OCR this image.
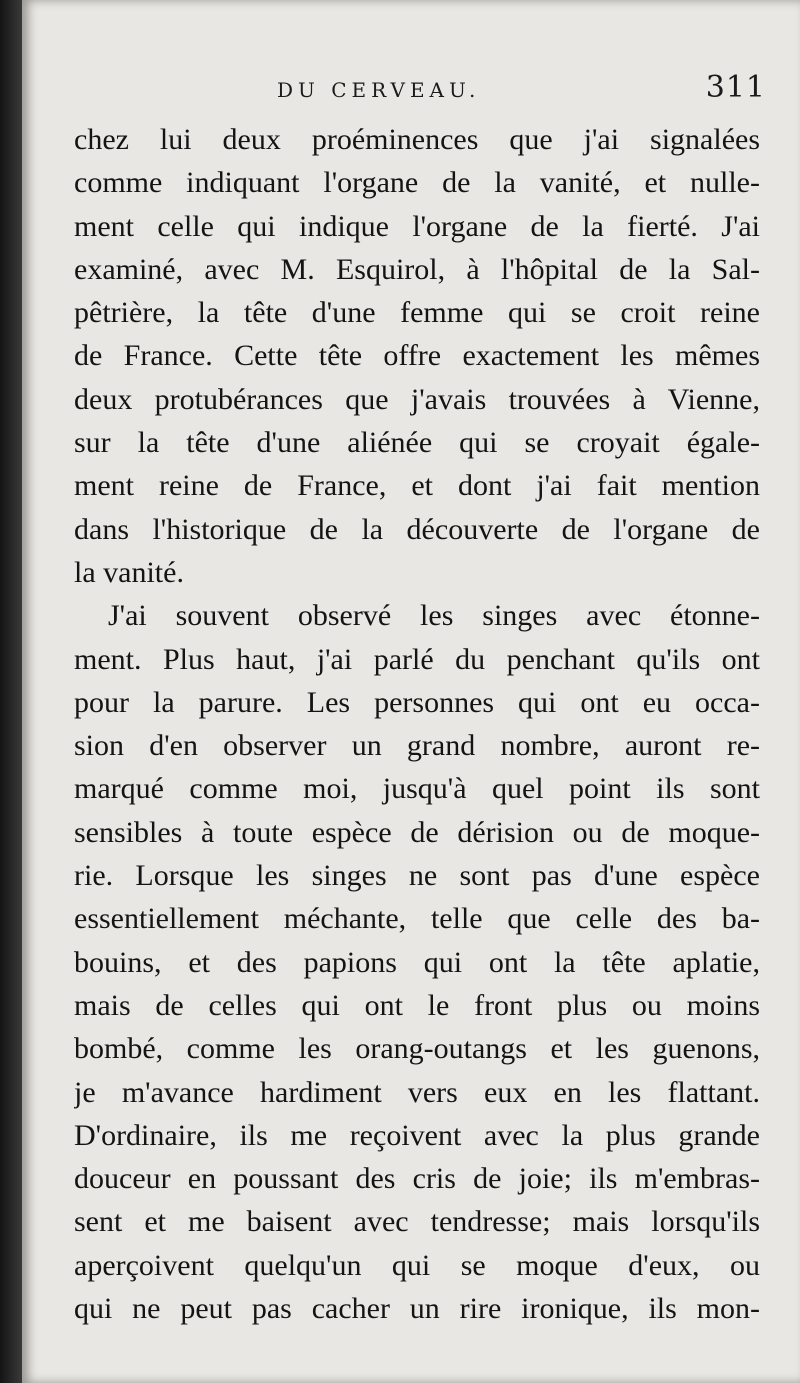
DU CERVEAU.	311
chez lui deux proéminences que j'ai signalées
comme indiquant l'organe de la vanité, et nulle-
ment celle qui indique l'organe de la fierté. J'ai
examiné, avec M. Esquirol, à l'hôpital de la Sal-
pêtrière, la tête d'une femme qui se croit reine
de France. Cette tête offre exactement les mêmes
deux protubérances que j'avais trouvées à Vienne,
sur la tête d'une aliénée qui se croyait égale-
ment reine de France, et dont j'ai fait mention
dans l'historique de la découverte de l'organe de
la vanité.
J'ai souvent observé les singes avec étonne-
ment. Plus haut, j'ai parlé du penchant qu'ils ont
pour la parure. Les personnes qui ont eu occa-
sion d'en observer un grand nombre, auront re-
marqué comme moi, jusqu'à quel point ils sont
sensibles à toute espèce de dérision ou de moque-
rie. Lorsque les singes ne sont pas d'une espèce
essentiellement méchante, telle que celle des ba-
bouins, et des papions qui ont la tête aplatie,
mais de celles qui ont le front plus ou moins
bombé, comme les orang-outangs et les guenons,
je m'avance hardiment vers eux en les flattant.
D'ordinaire, ils me reçoivent avec la plus grande
douceur en poussant des cris de joie; ils m'embras-
sent et me baisent avec tendresse; mais lorsqu'ils
aperçoivent quelqu'un qui se moque d'eux, ou
qui ne peut pas cacher un rire ironique, ils mon-
